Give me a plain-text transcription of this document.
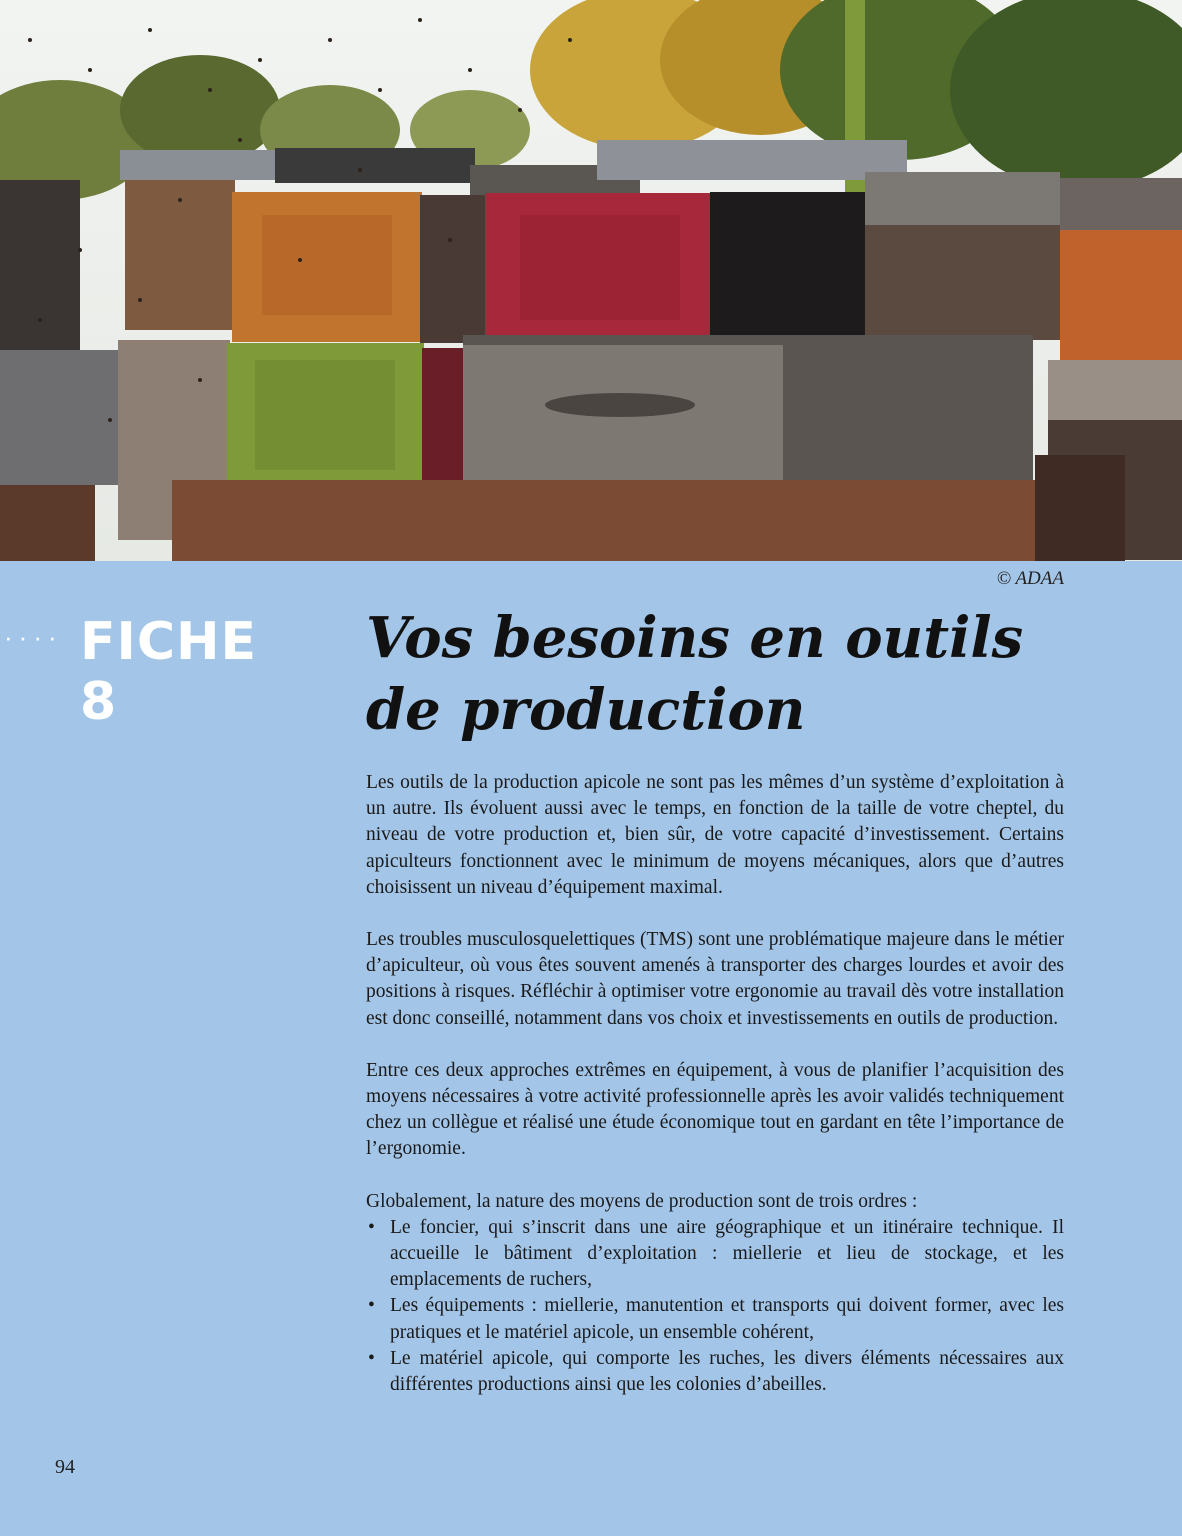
© ADAA
···· FICHE 8
Vos besoins en outils de production

Les outils de la production apicole ne sont pas les mêmes d’un système d’exploitation à un autre. Ils évoluent aussi avec le temps, en fonction de la taille de votre cheptel, du niveau de votre production et, bien sûr, de votre capacité d’investissement. Certains apiculteurs fonctionnent avec le minimum de moyens mécaniques, alors que d’autres choisissent un niveau d’équipement maximal.

Les troubles musculosquelettiques (TMS) sont une problématique majeure dans le métier d’apiculteur, où vous êtes souvent amenés à transporter des charges lourdes et avoir des positions à risques. Réfléchir à optimiser votre ergonomie au travail dès votre installation est donc conseillé, notamment dans vos choix et investissements en outils de production.

Entre ces deux approches extrêmes en équipement, à vous de planifier l’acquisition des moyens nécessaires à votre activité professionnelle après les avoir validés techniquement chez un collègue et réalisé une étude économique tout en gardant en tête l’importance de l’ergonomie.

Globalement, la nature des moyens de production sont de trois ordres :

• Le foncier, qui s’inscrit dans une aire géographique et un itinéraire technique. Il accueille le bâtiment d’exploitation : miellerie et lieu de stockage, et les emplacements de ruchers,
• Les équipements : miellerie, manutention et transports qui doivent former, avec les pratiques et le matériel apicole, un ensemble cohérent,
• Le matériel apicole, qui comporte les ruches, les divers éléments nécessaires aux différentes productions ainsi que les colonies d’abeilles.
94
